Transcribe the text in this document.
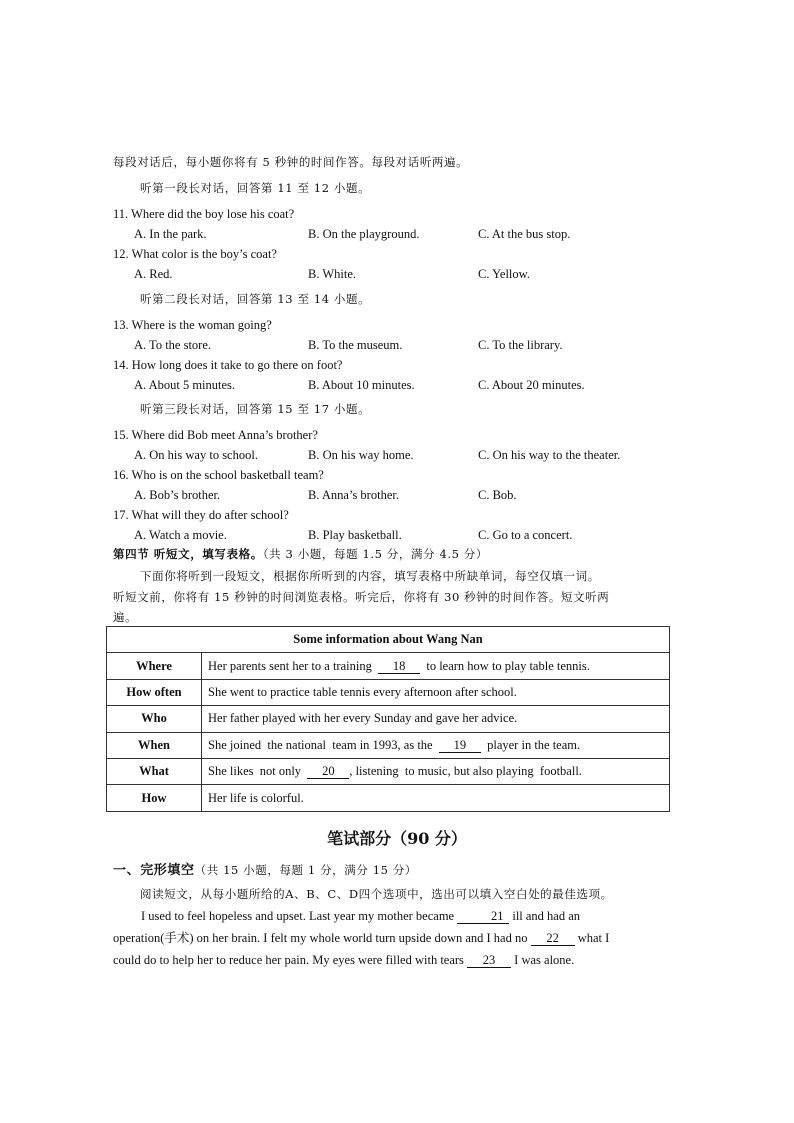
每段对话后，每小题你将有 5 秒钟的时间作答。每段对话听两遍。
听第一段长对话，回答第 11 至 12 小题。
11. Where did the boy lose his coat?
A. In the park.	B. On the playground.	C. At the bus stop.
12. What color is the boy’s coat?
A. Red.	B. White.	C. Yellow.
听第二段长对话，回答第 13 至 14 小题。
13. Where is the woman going?
A. To the store.	B. To the museum.	C. To the library.
14. How long does it take to go there on foot?
A. About 5 minutes.	B. About 10 minutes.	C. About 20 minutes.
听第三段长对话，回答第 15 至 17 小题。
15. Where did Bob meet Anna’s brother?
A. On his way to school.	B. On his way home.	C. On his way to the theater.
16. Who is on the school basketball team?
A. Bob’s brother.	B. Anna’s brother.	C. Bob.
17. What will they do after school?
A. Watch a movie.	B. Play basketball.	C. Go to a concert.
第四节 听短文，填写表格。（共 3 小题，每题 1.5 分，满分 4.5 分）
下面你将听到一段短文，根据你所听到的内容，填写表格中所缺单词，每空仅填一词。
听短文前，你将有 15 秒钟的时间浏览表格。听完后，你将有 30 秒钟的时间作答。短文听两
遍。
Some information about Wang Nan	
Where	Her parents sent her to a training  18  to learn how to play table tennis.
How often	She went to practice table tennis every afternoon after school.
Who	Her father played with her every Sunday and gave her advice.
When	She joined  the national  team in 1993, as the  19  player in the team.
What	She likes  not only  20 , listening  to music, but also playing  football.
How	Her life is colorful.
笔试部分（90 分）
一、完形填空（共 15 小题，每题 1 分，满分 15 分）
阅读短文，从每小题所给的A、B、C、D四个选项中，选出可以填入空白处的最佳选项。
I used to feel hopeless and upset. Last year my mother became	21 ill and had an
operation(手术) on her brain. I felt my whole world turn upside down and I had no 22 what I
could do to help her to reduce her pain. My eyes were filled with tears 23 I was alone.
